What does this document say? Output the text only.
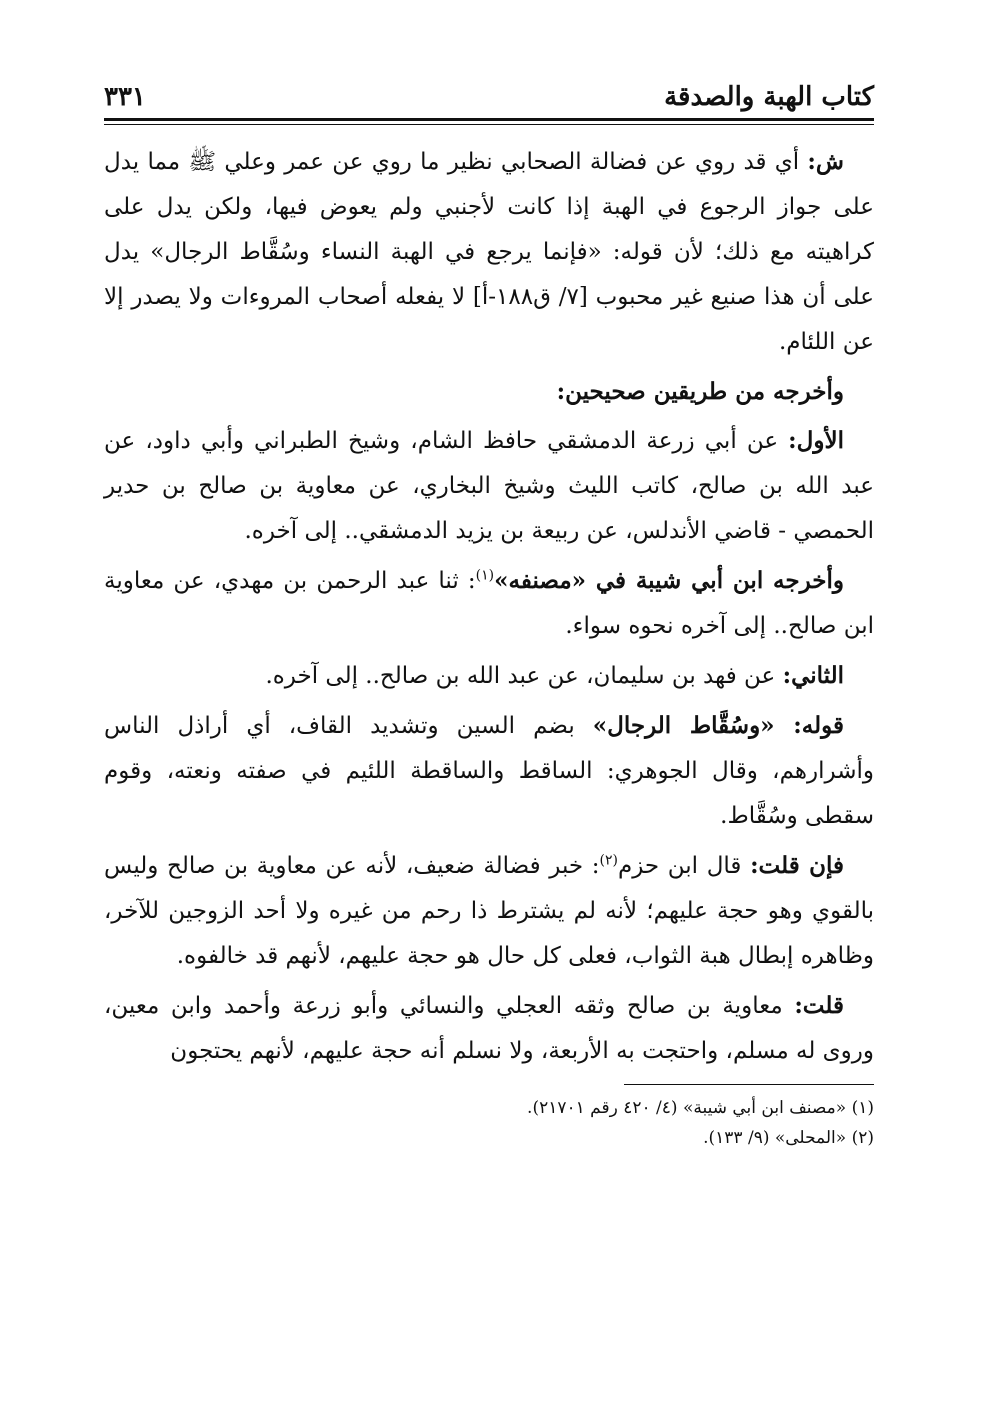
كتاب الهبة والصدقة
٣٣١

ش: أي قد روي عن فضالة الصحابي نظير ما روي عن عمر وعلي ﷺ مما يدل على جواز الرجوع في الهبة إذا كانت لأجنبي ولم يعوض فيها، ولكن يدل على كراهيته مع ذلك؛ لأن قوله: «فإنما يرجع في الهبة النساء وسُقَّاط الرجال» يدل على أن هذا صنيع غير محبوب [٧/ ق١٨٨-أ] لا يفعله أصحاب المروءات ولا يصدر إلا عن اللئام.

وأخرجه من طريقين صحيحين:

الأول: عن أبي زرعة الدمشقي حافظ الشام، وشيخ الطبراني وأبي داود، عن عبد الله بن صالح، كاتب الليث وشيخ البخاري، عن معاوية بن صالح بن حدير الحمصي - قاضي الأندلس، عن ربيعة بن يزيد الدمشقي.. إلى آخره.

وأخرجه ابن أبي شيبة في «مصنفه»$^{(١)}$: ثنا عبد الرحمن بن مهدي، عن معاوية ابن صالح.. إلى آخره نحوه سواء.

الثاني: عن فهد بن سليمان، عن عبد الله بن صالح.. إلى آخره.

قوله: «وسُقَّاط الرجال» بضم السين وتشديد القاف، أي أراذل الناس وأشرارهم، وقال الجوهري: الساقط والساقطة اللئيم في صفته ونعته، وقوم سقطى وسُقَّاط.

فإن قلت: قال ابن حزم$^{(٢)}$: خبر فضالة ضعيف، لأنه عن معاوية بن صالح وليس بالقوي وهو حجة عليهم؛ لأنه لم يشترط ذا رحم من غيره ولا أحد الزوجين للآخر، وظاهره إبطال هبة الثواب، فعلى كل حال هو حجة عليهم، لأنهم قد خالفوه.

قلت: معاوية بن صالح وثقه العجلي والنسائي وأبو زرعة وأحمد وابن معين، وروى له مسلم، واحتجت به الأربعة، ولا نسلم أنه حجة عليهم، لأنهم يحتجون

(١) «مصنف ابن أبي شيبة» (٤/ ٤٢٠ رقم ٢١٧٠١).

(٢) «المحلى» (٩/ ١٣٣).
